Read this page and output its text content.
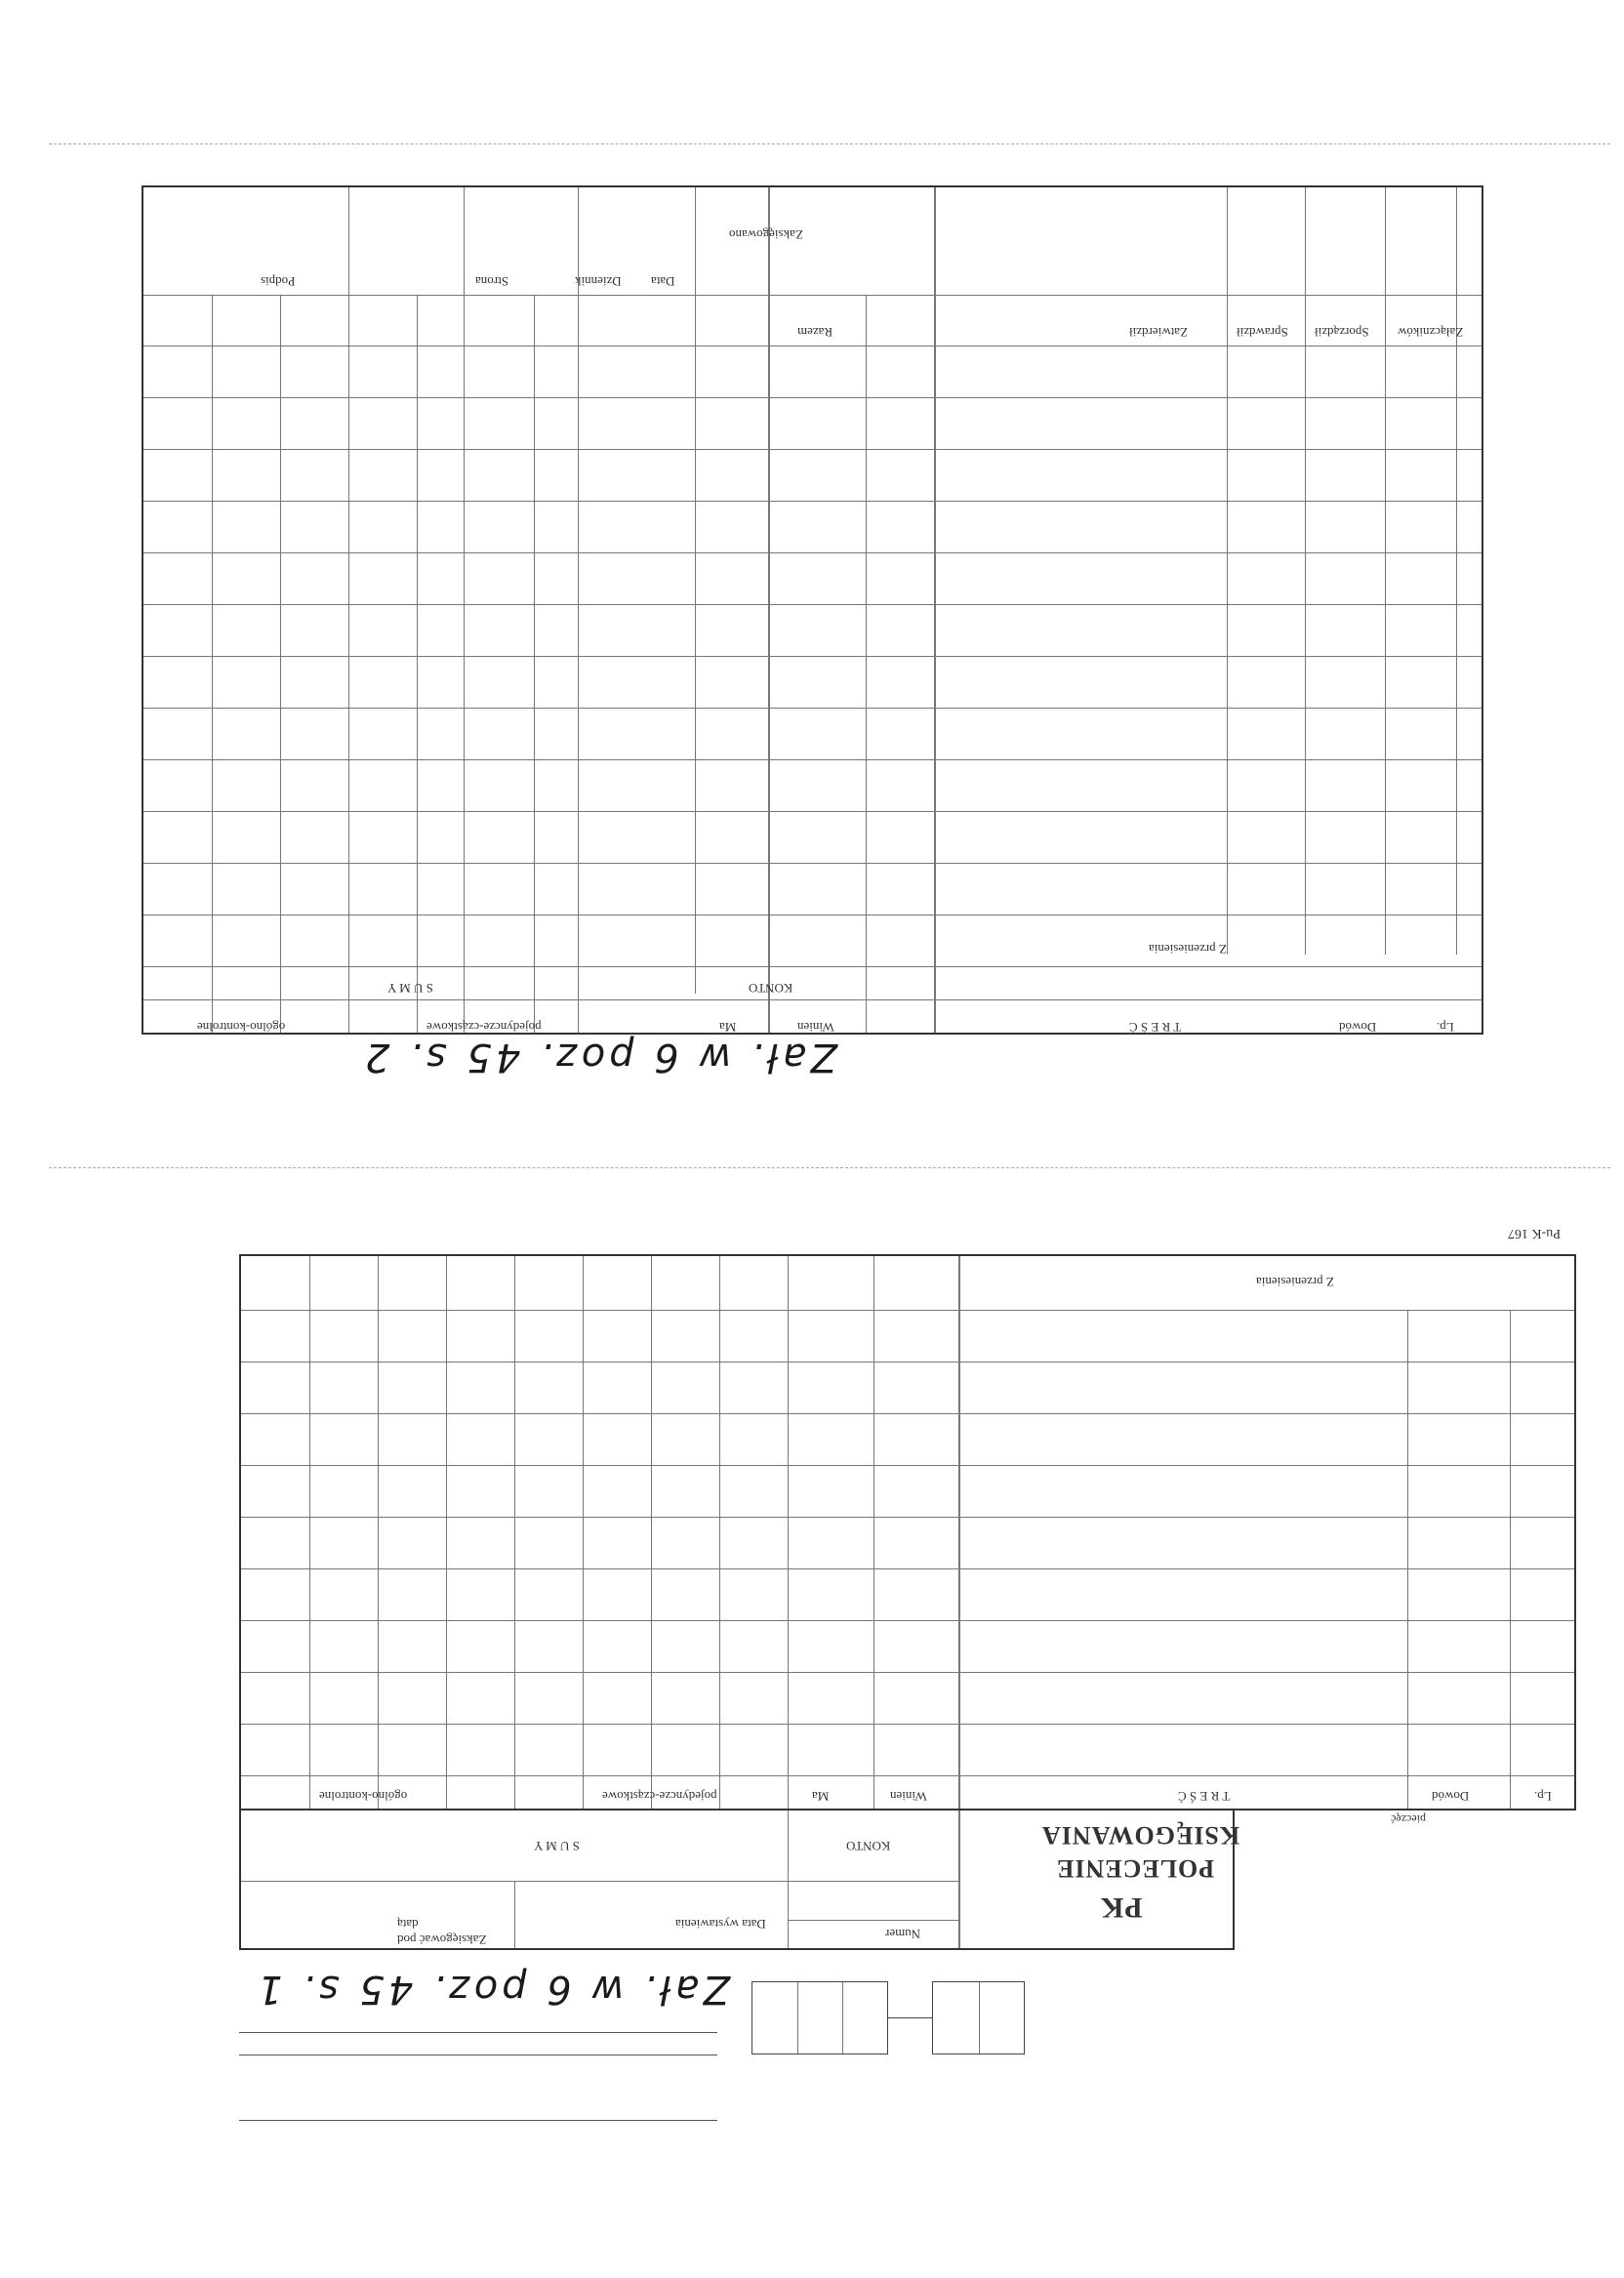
Lp.
Dowód
T R E Ś Ć
Winien
Ma
KONTO
pojedyncze-cząstkowe
ogólno-kontrolne
S U M Y
Z przeniesienia
Załączników
Sporządził
Sprawdził
Zatwierdził
Razem
Zaksięgowano
Data
Dziennik
Strona
Podpis
Zał. w 6 poz. 45 s. 2
Pu-K 167
Z przeniesienia
Lp.
Dowód
T R E Ś Ć
Winien
Ma
pojedyncze-cząstkowe
ogólno-kontrolne
S U M Y	KONTO
Numer
Data wystawienia
Zaksięgować pod datą
KSIĘGOWANIA
POLECENIE
PK
pieczęć
Zał. w 6 poz. 45 s. 1
